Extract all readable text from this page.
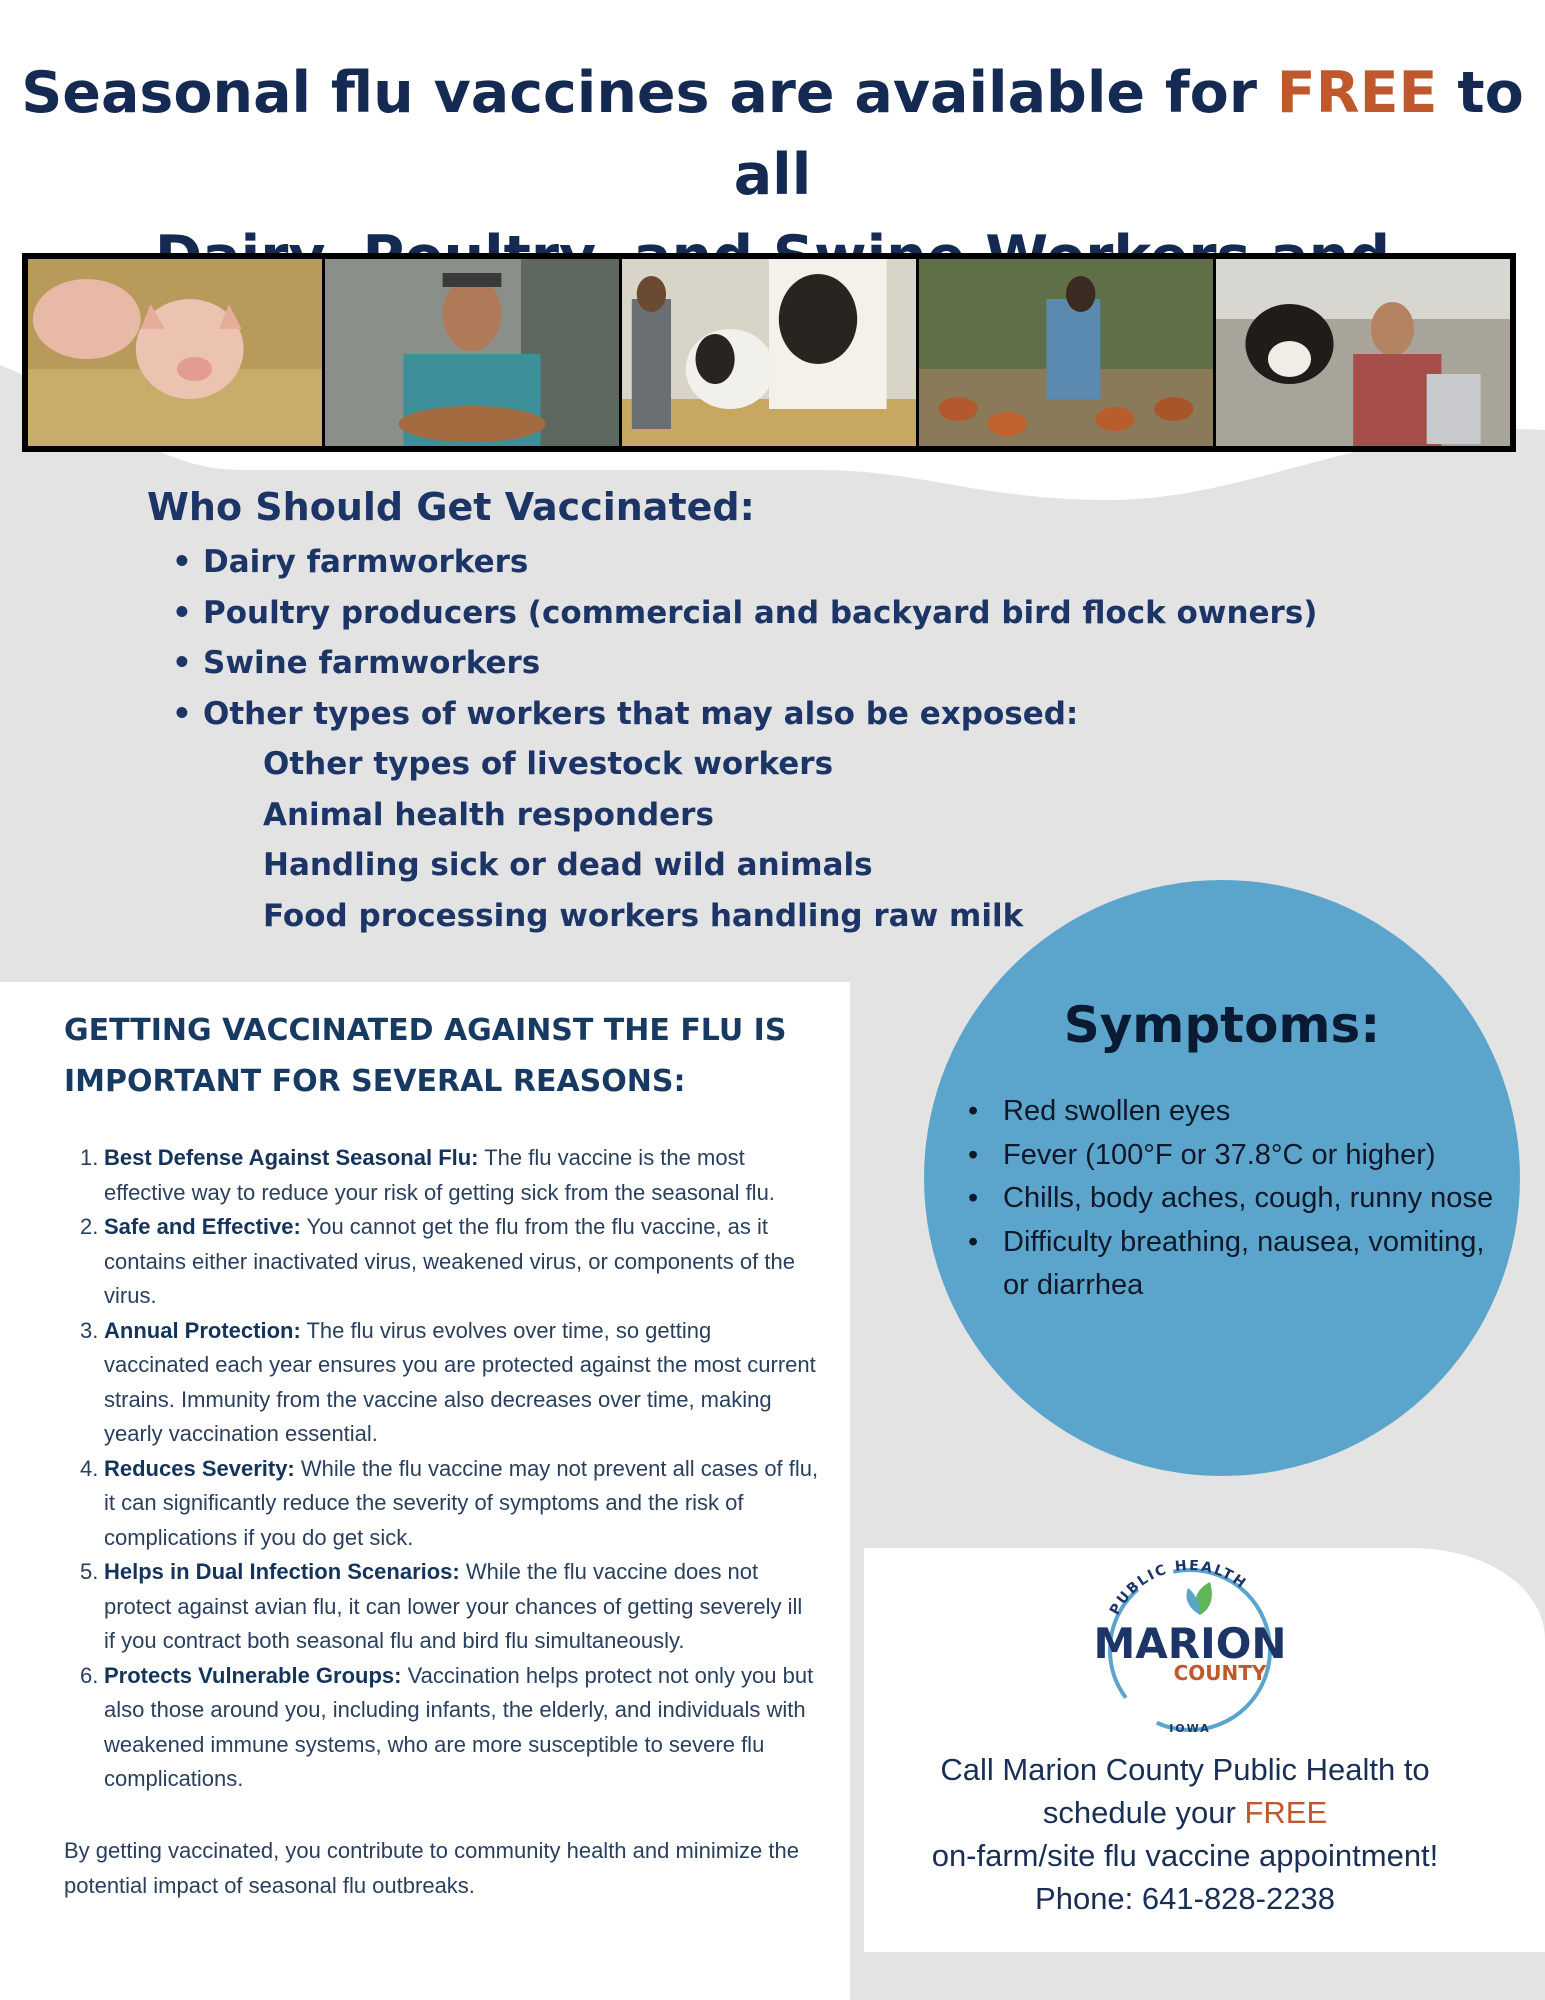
Seasonal flu vaccines are available for FREE to all
Who Should Get Vaccinated:
• Dairy farmworkers
• Poultry producers (commercial and backyard bird flock owners)
• Swine farmworkers
• Other types of workers that may also be exposed:
Other types of livestock workers
Animal health responders
Handling sick or dead wild animals
Food processing workers handling raw milk
GETTING VACCINATED AGAINST THE FLU IS
IMPORTANT FOR SEVERAL REASONS:
1. Best Defense Against Seasonal Flu: The flu vaccine is the most effective way to reduce your risk of getting sick from the seasonal flu.
2. Safe and Effective: You cannot get the flu from the flu vaccine, as it contains either inactivated virus, weakened virus, or components of the virus.
3. Annual Protection: The flu virus evolves over time, so getting vaccinated each year ensures you are protected against the most current strains. Immunity from the vaccine also decreases over time, making yearly vaccination essential.
4. Reduces Severity: While the flu vaccine may not prevent all cases of flu, it can significantly reduce the severity of symptoms and the risk of complications if you do get sick.
5. Helps in Dual Infection Scenarios: While the flu vaccine does not protect against avian flu, it can lower your chances of getting severely ill if you contract both seasonal flu and bird flu simultaneously.
6. Protects Vulnerable Groups: Vaccination helps protect not only you but also those around you, including infants, the elderly, and individuals with weakened immune systems, who are more susceptible to severe flu complications.
By getting vaccinated, you contribute to community health and minimize the potential impact of seasonal flu outbreaks.
Symptoms:
• Red swollen eyes
• Fever (100°F or 37.8°C or higher)
• Chills, body aches, cough, runny nose
• Difficulty breathing, nausea, vomiting, or diarrhea
PUBLIC HEALTH
MARION
COUNTY
IOWA
Call Marion County Public Health to
schedule your FREE
on-farm/site flu vaccine appointment!
Phone: 641-828-2238
